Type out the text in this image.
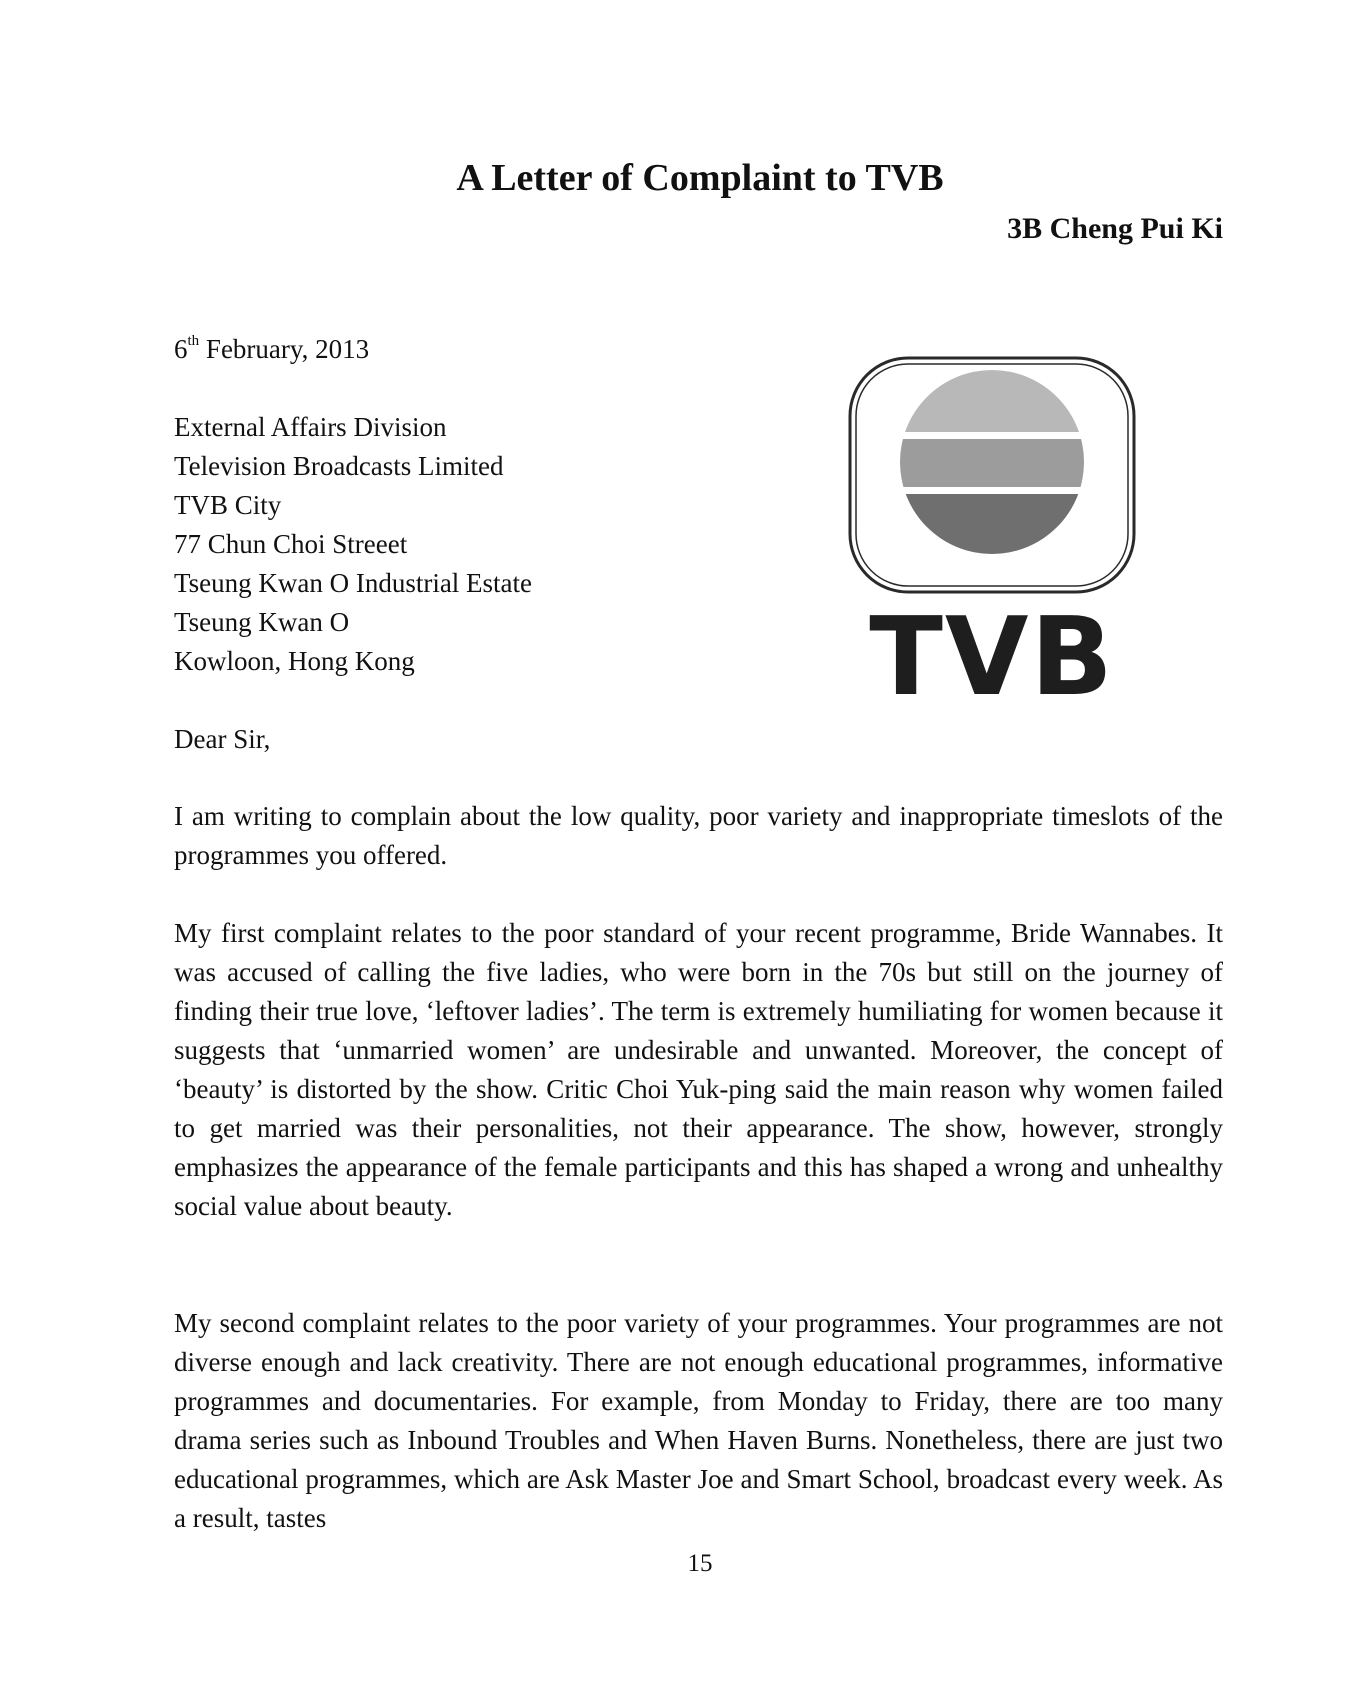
A Letter of Complaint to TVB
3B Cheng Pui Ki
6th February, 2013
External Affairs Division
Television Broadcasts Limited
TVB City
77 Chun Choi Streeet
Tseung Kwan O Industrial Estate
Tseung Kwan O
Kowloon, Hong Kong	TVB
Dear Sir,

I am writing to complain about the low quality, poor variety and inappropriate timeslots of the programmes you offered.

My first complaint relates to the poor standard of your recent programme, Bride Wannabes. It was accused of calling the five ladies, who were born in the 70s but still on the journey of finding their true love, ‘leftover ladies’. The term is extremely humiliating for women because it suggests that ‘unmarried women’ are undesirable and unwanted. Moreover, the concept of ‘beauty’ is distorted by the show. Critic Choi Yuk-ping said the main reason why women failed to get married was their personalities, not their appearance. The show, however, strongly emphasizes the appearance of the female participants and this has shaped a wrong and unhealthy social value about beauty.

My second complaint relates to the poor variety of your programmes. Your programmes are not diverse enough and lack creativity. There are not enough educational programmes, informative programmes and documentaries. For example, from Monday to Friday, there are too many drama series such as Inbound Troubles and When Haven Burns. Nonetheless, there are just two educational programmes, which are Ask Master Joe and Smart School, broadcast every week. As a result, tastes

15
